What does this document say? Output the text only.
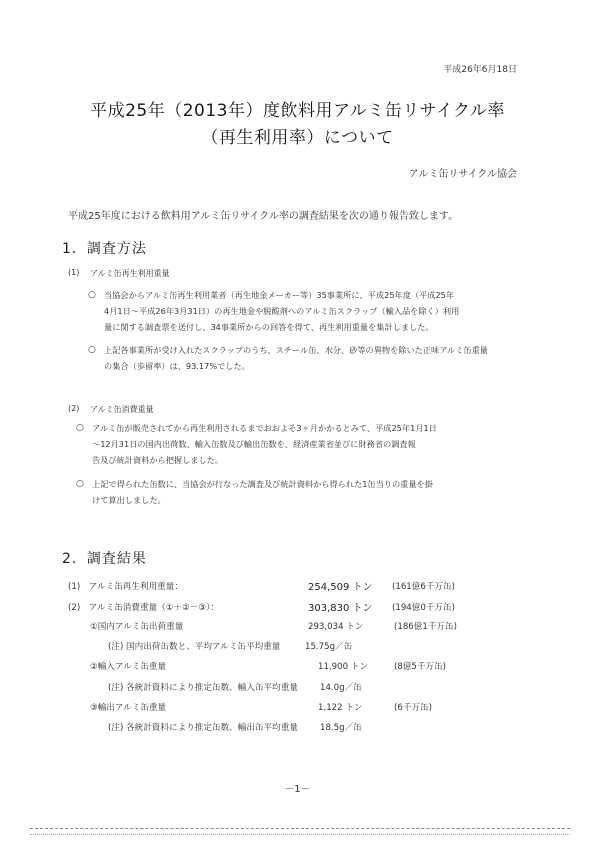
平成26年6月18日
平成25年（2013年）度飲料用アルミ缶リサイクル率
（再生利用率）について
アルミ缶リサイクル協会
平成25年度における飲料用アルミ缶リサイクル率の調査結果を次の通り報告致します。
1．調査方法
(1) アルミ缶再生利用重量
○ 当協会からアルミ缶再生利用業者（再生地金メーカー等）35事業所に、平成25年度（平成25年
4月1日～平成26年3月31日）の再生地金や脱酸剤へのアルミ缶スクラップ（輸入品を除く）利用
量に関する調査票を送付し、34事業所からの回答を得て、再生利用重量を集計しました。
○ 上記各事業所が受け入れたスクラップのうち、スチール缶、水分、砂等の異物を除いた正味アルミ缶重量
の集合（歩留率）は、93.17%でした。
(2) アルミ缶消費重量
○ アルミ缶が販売されてから再生利用されるまでおおよそ3ヶ月かかるとみて、平成25年1月1日
～12月31日の国内出荷数、輸入缶数及び輸出缶数を、経済産業省並びに財務省の調査報
告及び統計資料から把握しました。
○ 上記で得られた缶数に、当協会が行なった調査及び統計資料から得られた1缶当りの重量を掛
けて算出しました。
2．調査結果
(1)　アルミ缶再生利用重量：	254,509 トン (161億6千万缶)
(2)　アルミ缶消費重量（①＋②－③）：	303,830 トン (194億0千万缶)
①国内アルミ缶出荷重量	293,034 トン	(186億1千万缶)
(注) 国内出荷缶数と、平均アルミ缶平均重量	15.75g／缶
②輸入アルミ缶重量	11,900 トン	(8億5千万缶)
(注) 各統計資料により推定缶数、輸入缶平均重量	14.0g／缶
③輸出アルミ缶重量	1,122 トン	(6千万缶)
(注) 各統計資料により推定缶数、輸出缶平均重量	18.5g／缶
－1－
